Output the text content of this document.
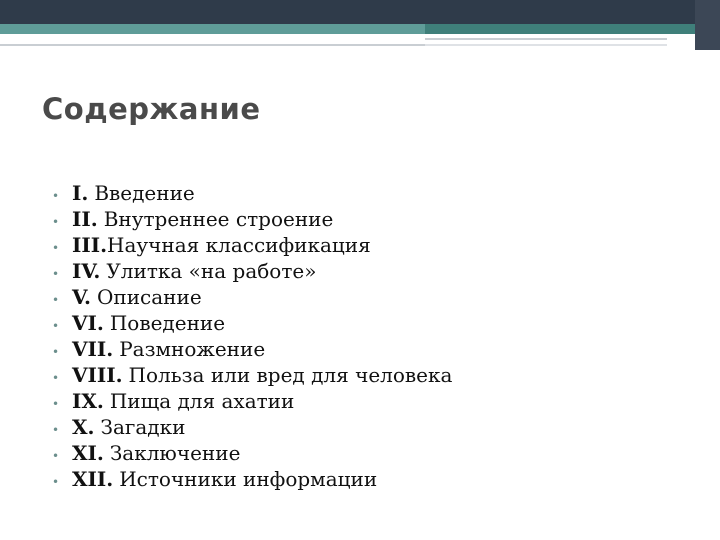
Содержание
• I. Введение
• II. Внутреннее строение
• III. Научная классификация
• IV. Улитка «на работе»
• V. Описание
• VI. Поведение
• VII. Размножение
• VIII. Польза или вред для человека
• IX. Пища для ахатии
• X. Загадки
• XI. Заключение
• XII. Источники информации
